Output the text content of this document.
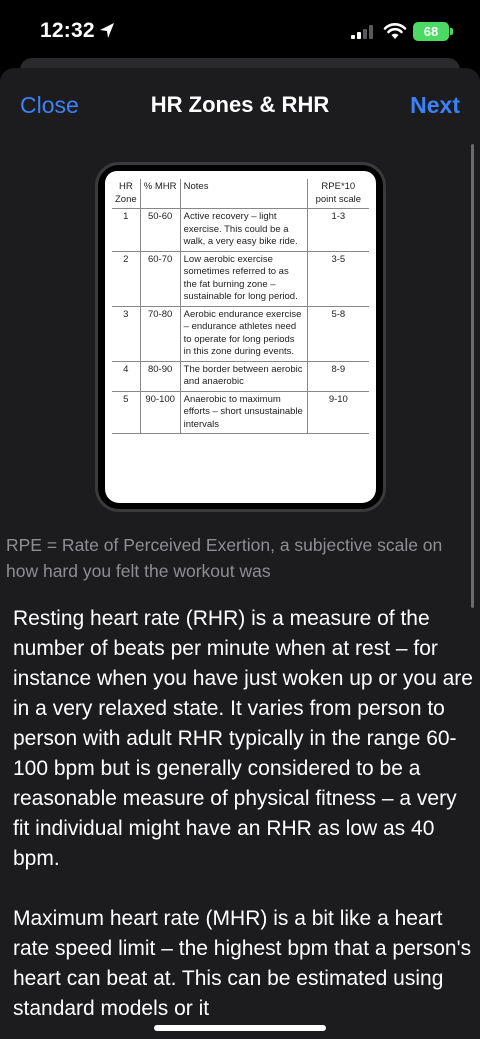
12:32	68
Close	HR Zones & RHR	Next
HR Zone	% MHR	Notes	RPE*10 point scale
1	50-60	Active recovery – light exercise. This could be a walk, a very easy bike ride.	1-3
2	60-70	Low aerobic exercise sometimes referred to as the fat burning zone – sustainable for long period.	3-5
3	70-80	Aerobic endurance exercise – endurance athletes need to operate for long periods in this zone during events.	5-8
4	80-90	The border between aerobic and anaerobic	8-9
5	90-100	Anaerobic to maximum efforts – short unsustainable intervals	9-10
RPE = Rate of Perceived Exertion, a subjective scale on how hard you felt the workout was

Resting heart rate (RHR) is a measure of the number of beats per minute when at rest – for instance when you have just woken up or you are in a very relaxed state. It varies from person to person with adult RHR typically in the range 60-100 bpm but is generally considered to be a reasonable measure of physical fitness – a very fit individual might have an RHR as low as 40 bpm.

Maximum heart rate (MHR) is a bit like a heart rate speed limit – the highest bpm that a person's heart can beat at. This can be estimated using standard models or it
